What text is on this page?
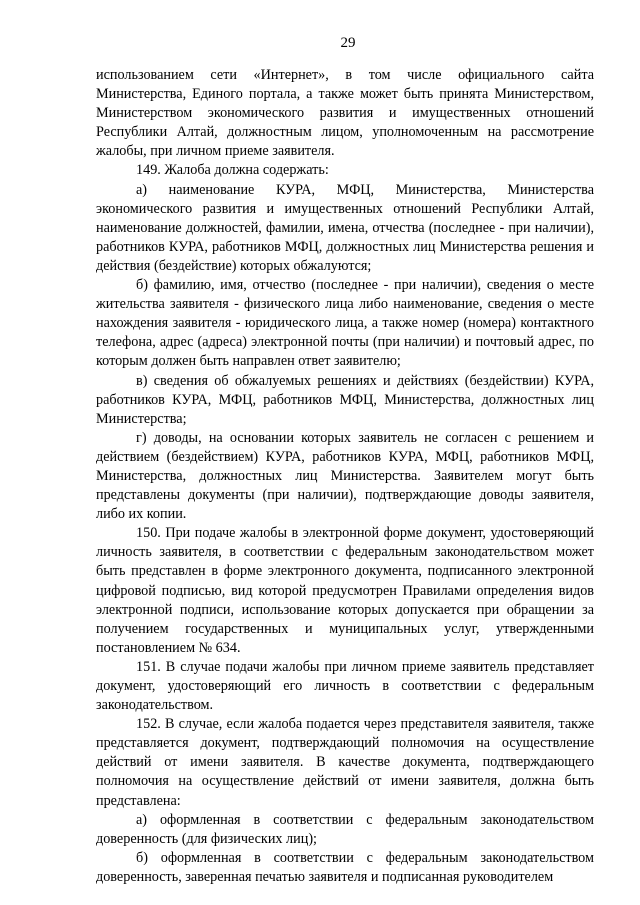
29

использованием сети «Интернет», в том числе официального сайта Министерства, Единого портала, а также может быть принята Министерством, Министерством экономического развития и имущественных отношений Республики Алтай, должностным лицом, уполномоченным на рассмотрение жалобы, при личном приеме заявителя.

149. Жалоба должна содержать:

а) наименование КУРА, МФЦ, Министерства, Министерства экономического развития и имущественных отношений Республики Алтай, наименование должностей, фамилии, имена, отчества (последнее - при наличии), работников КУРА, работников МФЦ, должностных лиц Министерства решения и действия (бездействие) которых обжалуются;

б) фамилию, имя, отчество (последнее - при наличии), сведения о месте жительства заявителя - физического лица либо наименование, сведения о месте нахождения заявителя - юридического лица, а также номер (номера) контактного телефона, адрес (адреса) электронной почты (при наличии) и почтовый адрес, по которым должен быть направлен ответ заявителю;

в) сведения об обжалуемых решениях и действиях (бездействии) КУРА, работников КУРА, МФЦ, работников МФЦ, Министерства, должностных лиц Министерства;

г) доводы, на основании которых заявитель не согласен с решением и действием (бездействием) КУРА, работников КУРА, МФЦ, работников МФЦ, Министерства, должностных лиц Министерства. Заявителем могут быть представлены документы (при наличии), подтверждающие доводы заявителя, либо их копии.

150. При подаче жалобы в электронной форме документ, удостоверяющий личность заявителя, в соответствии с федеральным законодательством может быть представлен в форме электронного документа, подписанного электронной цифровой подписью, вид которой предусмотрен Правилами определения видов электронной подписи, использование которых допускается при обращении за получением государственных и муниципальных услуг, утвержденными постановлением № 634.

151. В случае подачи жалобы при личном приеме заявитель представляет документ, удостоверяющий его личность в соответствии с федеральным законодательством.

152. В случае, если жалоба подается через представителя заявителя, также представляется документ, подтверждающий полномочия на осуществление действий от имени заявителя. В качестве документа, подтверждающего полномочия на осуществление действий от имени заявителя, должна быть представлена:

а) оформленная в соответствии с федеральным законодательством доверенность (для физических лиц);

б) оформленная в соответствии с федеральным законодательством доверенность, заверенная печатью заявителя и подписанная руководителем
